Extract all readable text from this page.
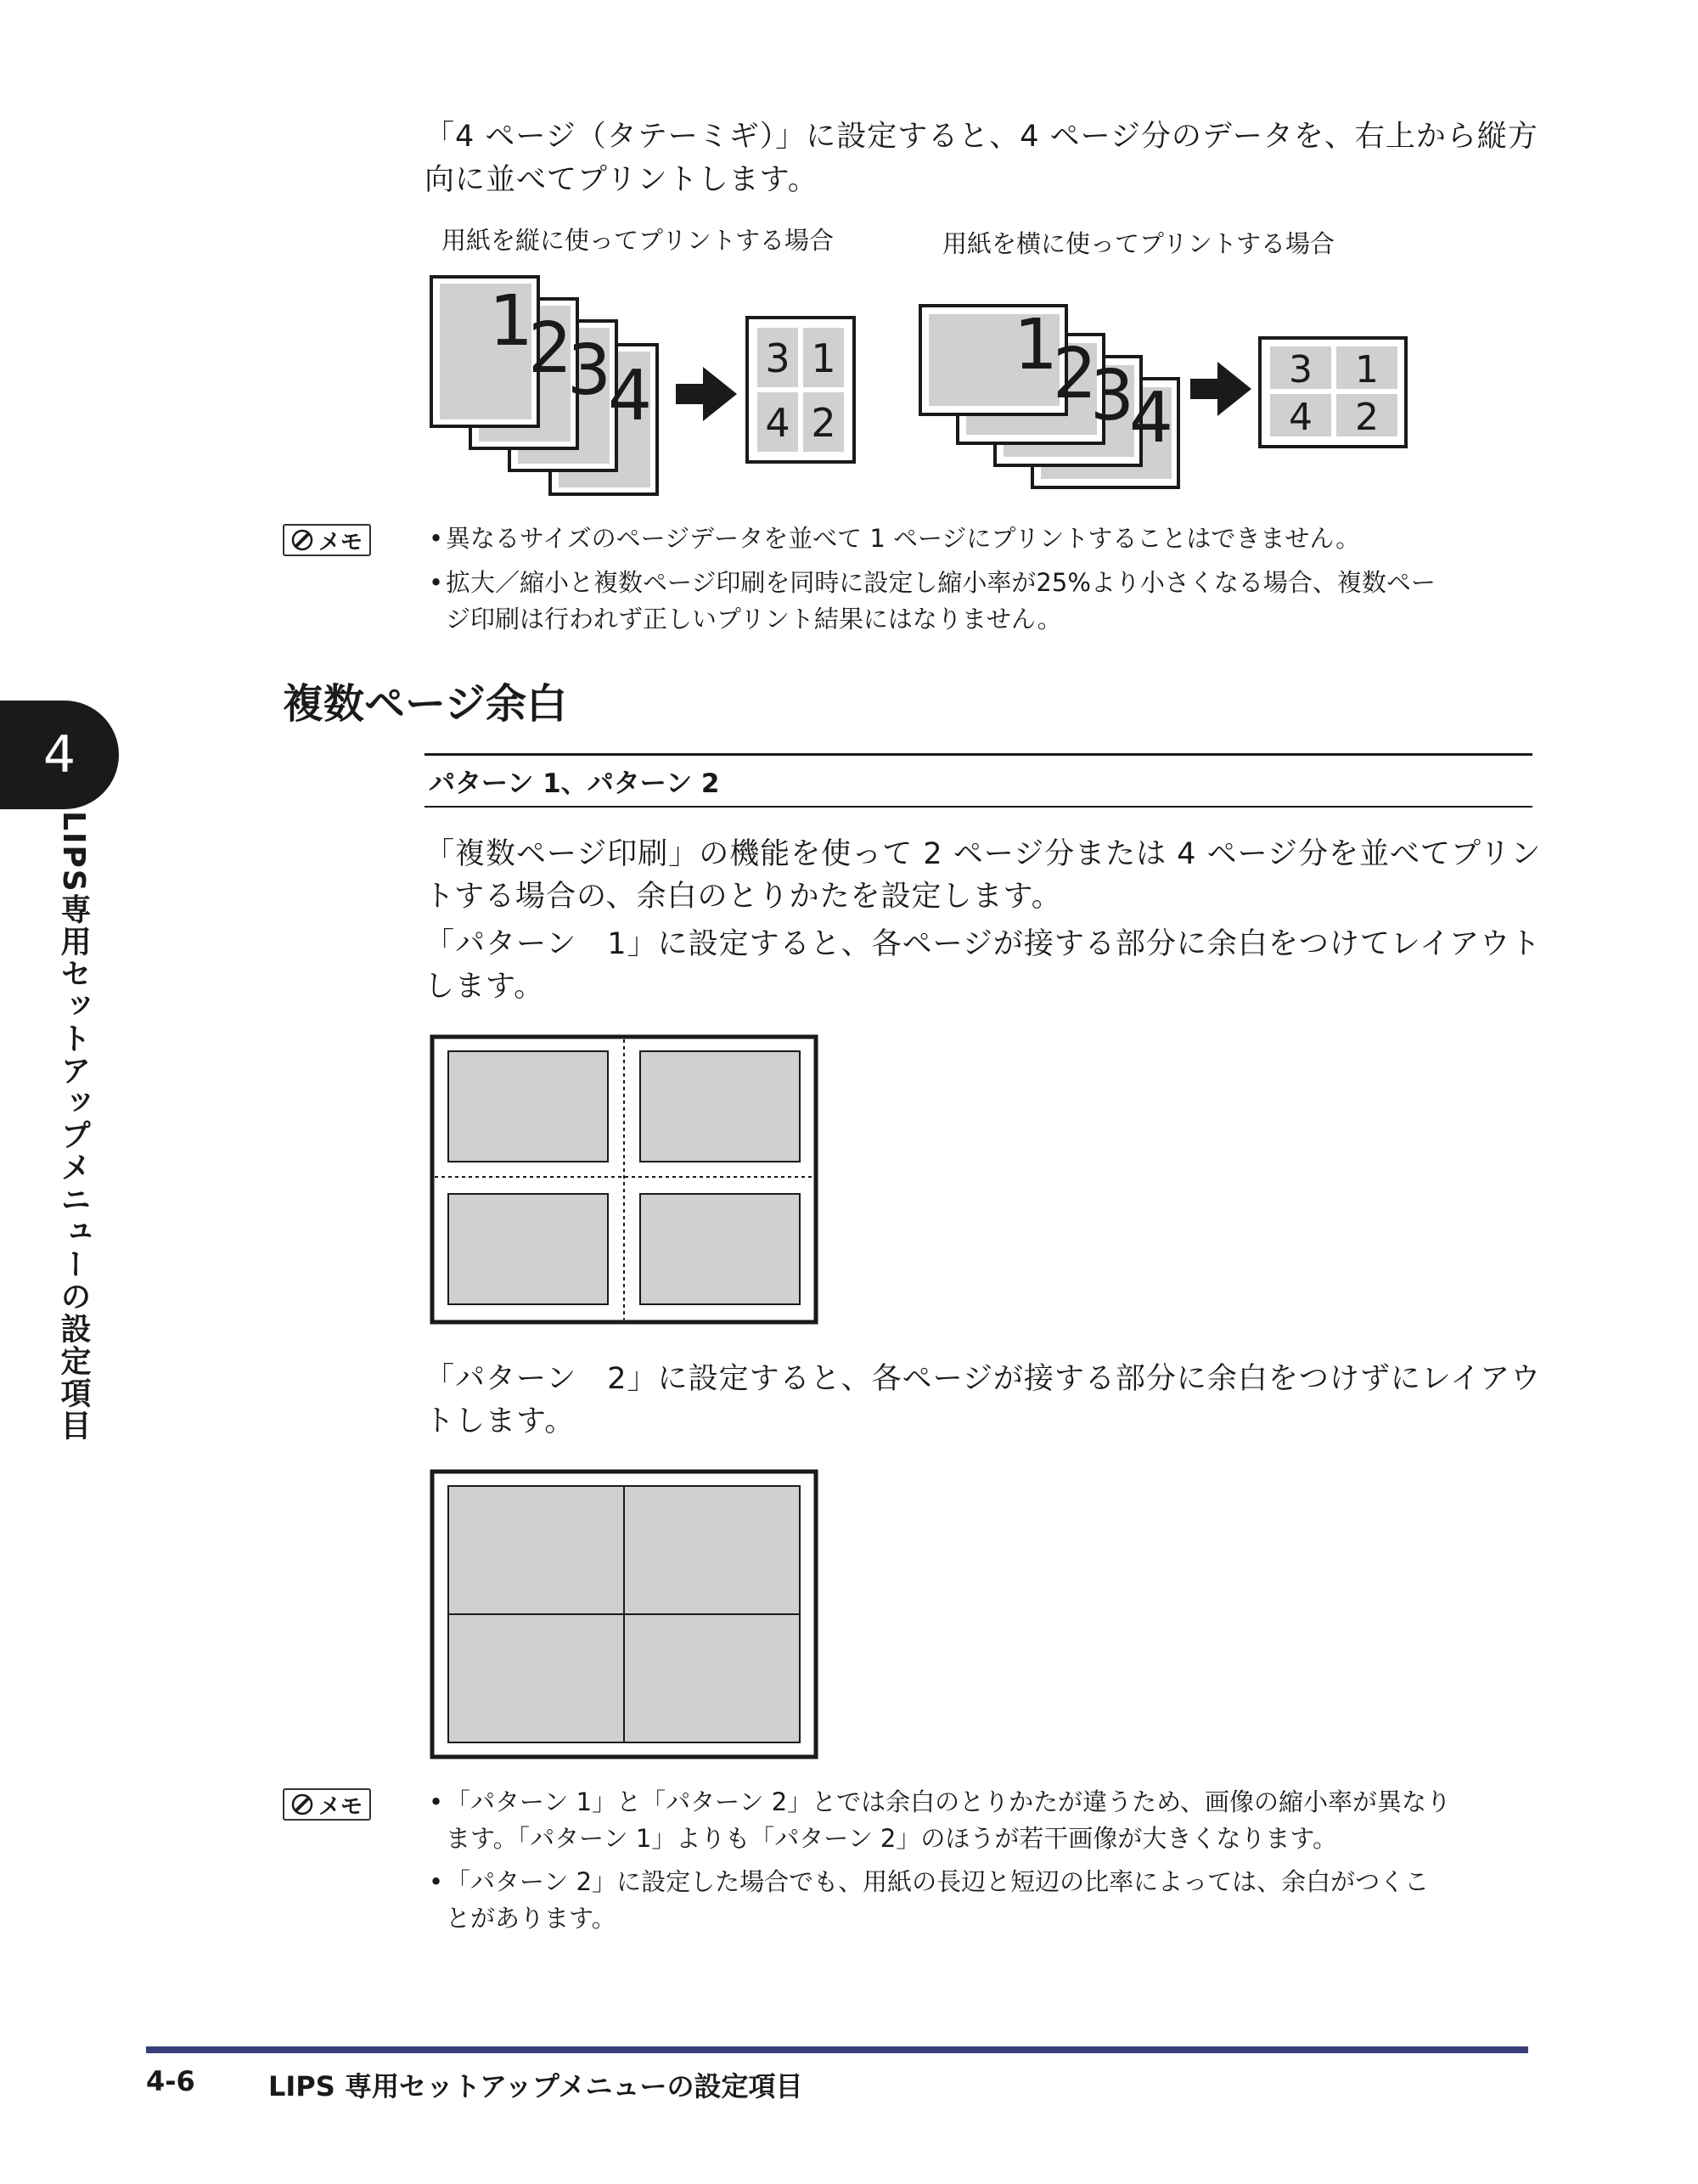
「4 ページ（タテーミギ）」に設定すると、4 ページ分のデータを、右上から縦方
向に並べてプリントします。
用紙を縦に使ってプリントする場合	用紙を横に使ってプリントする場合
1
2
3
4	3 1
4 2
1
2
3
4
3 1
4 2
メモ	• 異なるサイズのページデータを並べて 1 ページにプリントすることはできません。
• 拡大／縮小と複数ページ印刷を同時に設定し縮小率が25%より小さくなる場合、複数ペー
ジ印刷は行われず正しいプリント結果にはなりません。
複数ページ余白
パターン 1、パターン 2
「複数ページ印刷」の機能を使って 2 ページ分または 4 ページ分を並べてプリン
トする場合の、余白のとりかたを設定します。
「パターン　1」に設定すると、各ページが接する部分に余白をつけてレイアウト
します。
「パターン　2」に設定すると、各ページが接する部分に余白をつけずにレイアウ
トします。
メモ	• 「パターン 1」と「パターン 2」とでは余白のとりかたが違うため、画像の縮小率が異なり
ます。「パターン 1」よりも「パターン 2」のほうが若干画像が大きくなります。
• 「パターン 2」に設定した場合でも、用紙の長辺と短辺の比率によっては、余白がつくこ
とがあります。
4
LIPS専用セットアップメニューの設定項目
4-6	LIPS 専用セットアップメニューの設定項目
